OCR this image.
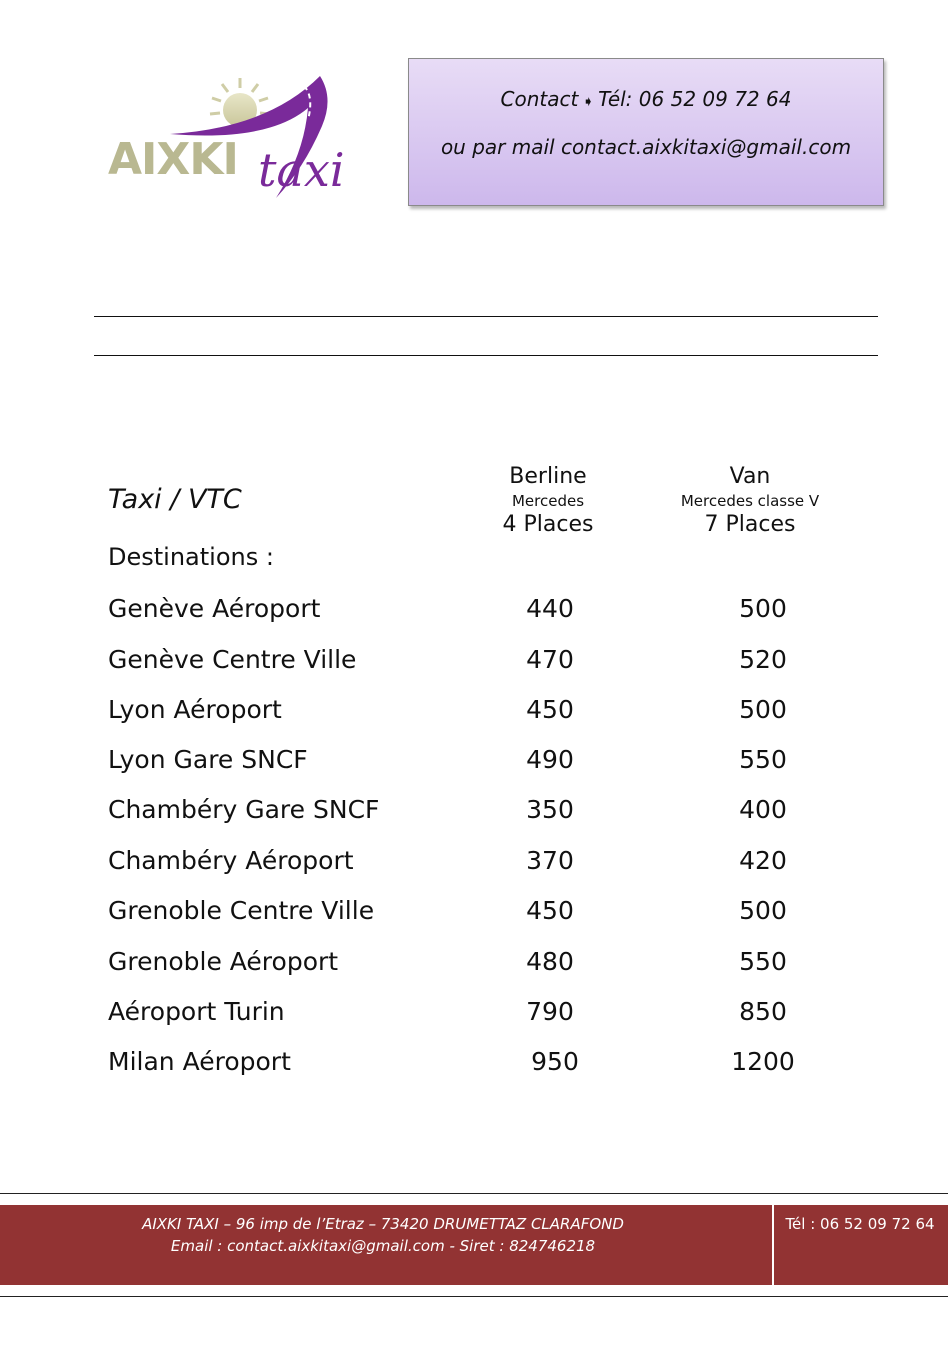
AIXKI taxi
Contact ➧ Tél: 06 52 09 72 64
ou par mail contact.aixkitaxi@gmail.com
Berline
Mercedes
4 Places
Van
Mercedes classe V
7 Places
Taxi / VTC
Destinations :
Genève Aéroport	440	500
Genève Centre Ville	470	520
Lyon Aéroport	450	500
Lyon Gare SNCF	490	550
Chambéry Gare SNCF	350	400
Chambéry Aéroport	370	420
Grenoble Centre Ville	450	500
Grenoble Aéroport	480	550
Aéroport Turin	790	850
Milan Aéroport	950	1200
AIXKI TAXI – 96 imp de l’Etraz – 73420 DRUMETTAZ CLARAFOND
Email : contact.aixkitaxi@gmail.com - Siret : 824746218
Tél : 06 52 09 72 64
